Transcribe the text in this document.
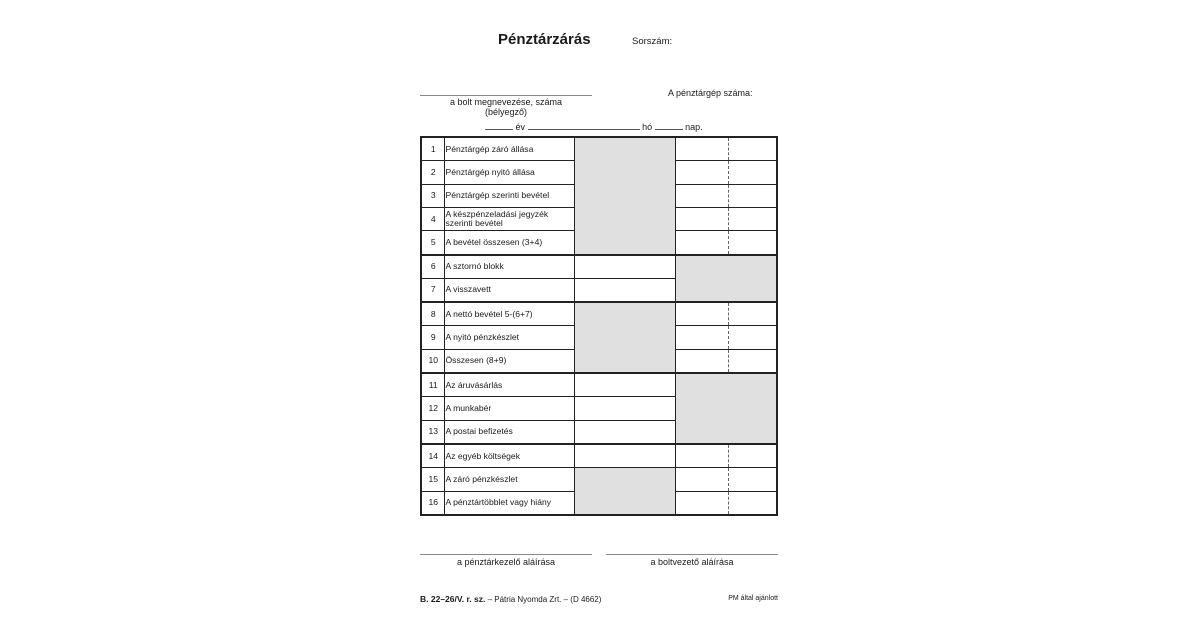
Pénztárzárás	Sorszám:
a bolt megnevezése, száma
(bélyegző)
A pénztárgép száma:
év	hó	nap.
1	Pénztárgép záró állása		

2	Pénztárgép nyitó állása		

3	Pénztárgép szerinti bevétel		

4	A készpénzeladási jegyzék szerinti bevétel		

5	A bevétel összesen (3+4)		

6	A sztornó blokk		
7	A visszavett		
8	A nettó bevétel 5-(6+7)		

9	A nyitó pénzkészlet		

10	Összesen (8+9)		

11	Az áruvásárlás		
12	A munkabér		
13	A postai befizetés		
14	Az egyéb költségek		

15	A záró pénzkészlet		

16	A pénztártöbblet vagy hiány		
a pénztárkezelő aláírása	a boltvezető aláírása
B. 22–26/V. r. sz. – Pátria Nyomda Zrt. – (D 4662)	PM által ajánlott
